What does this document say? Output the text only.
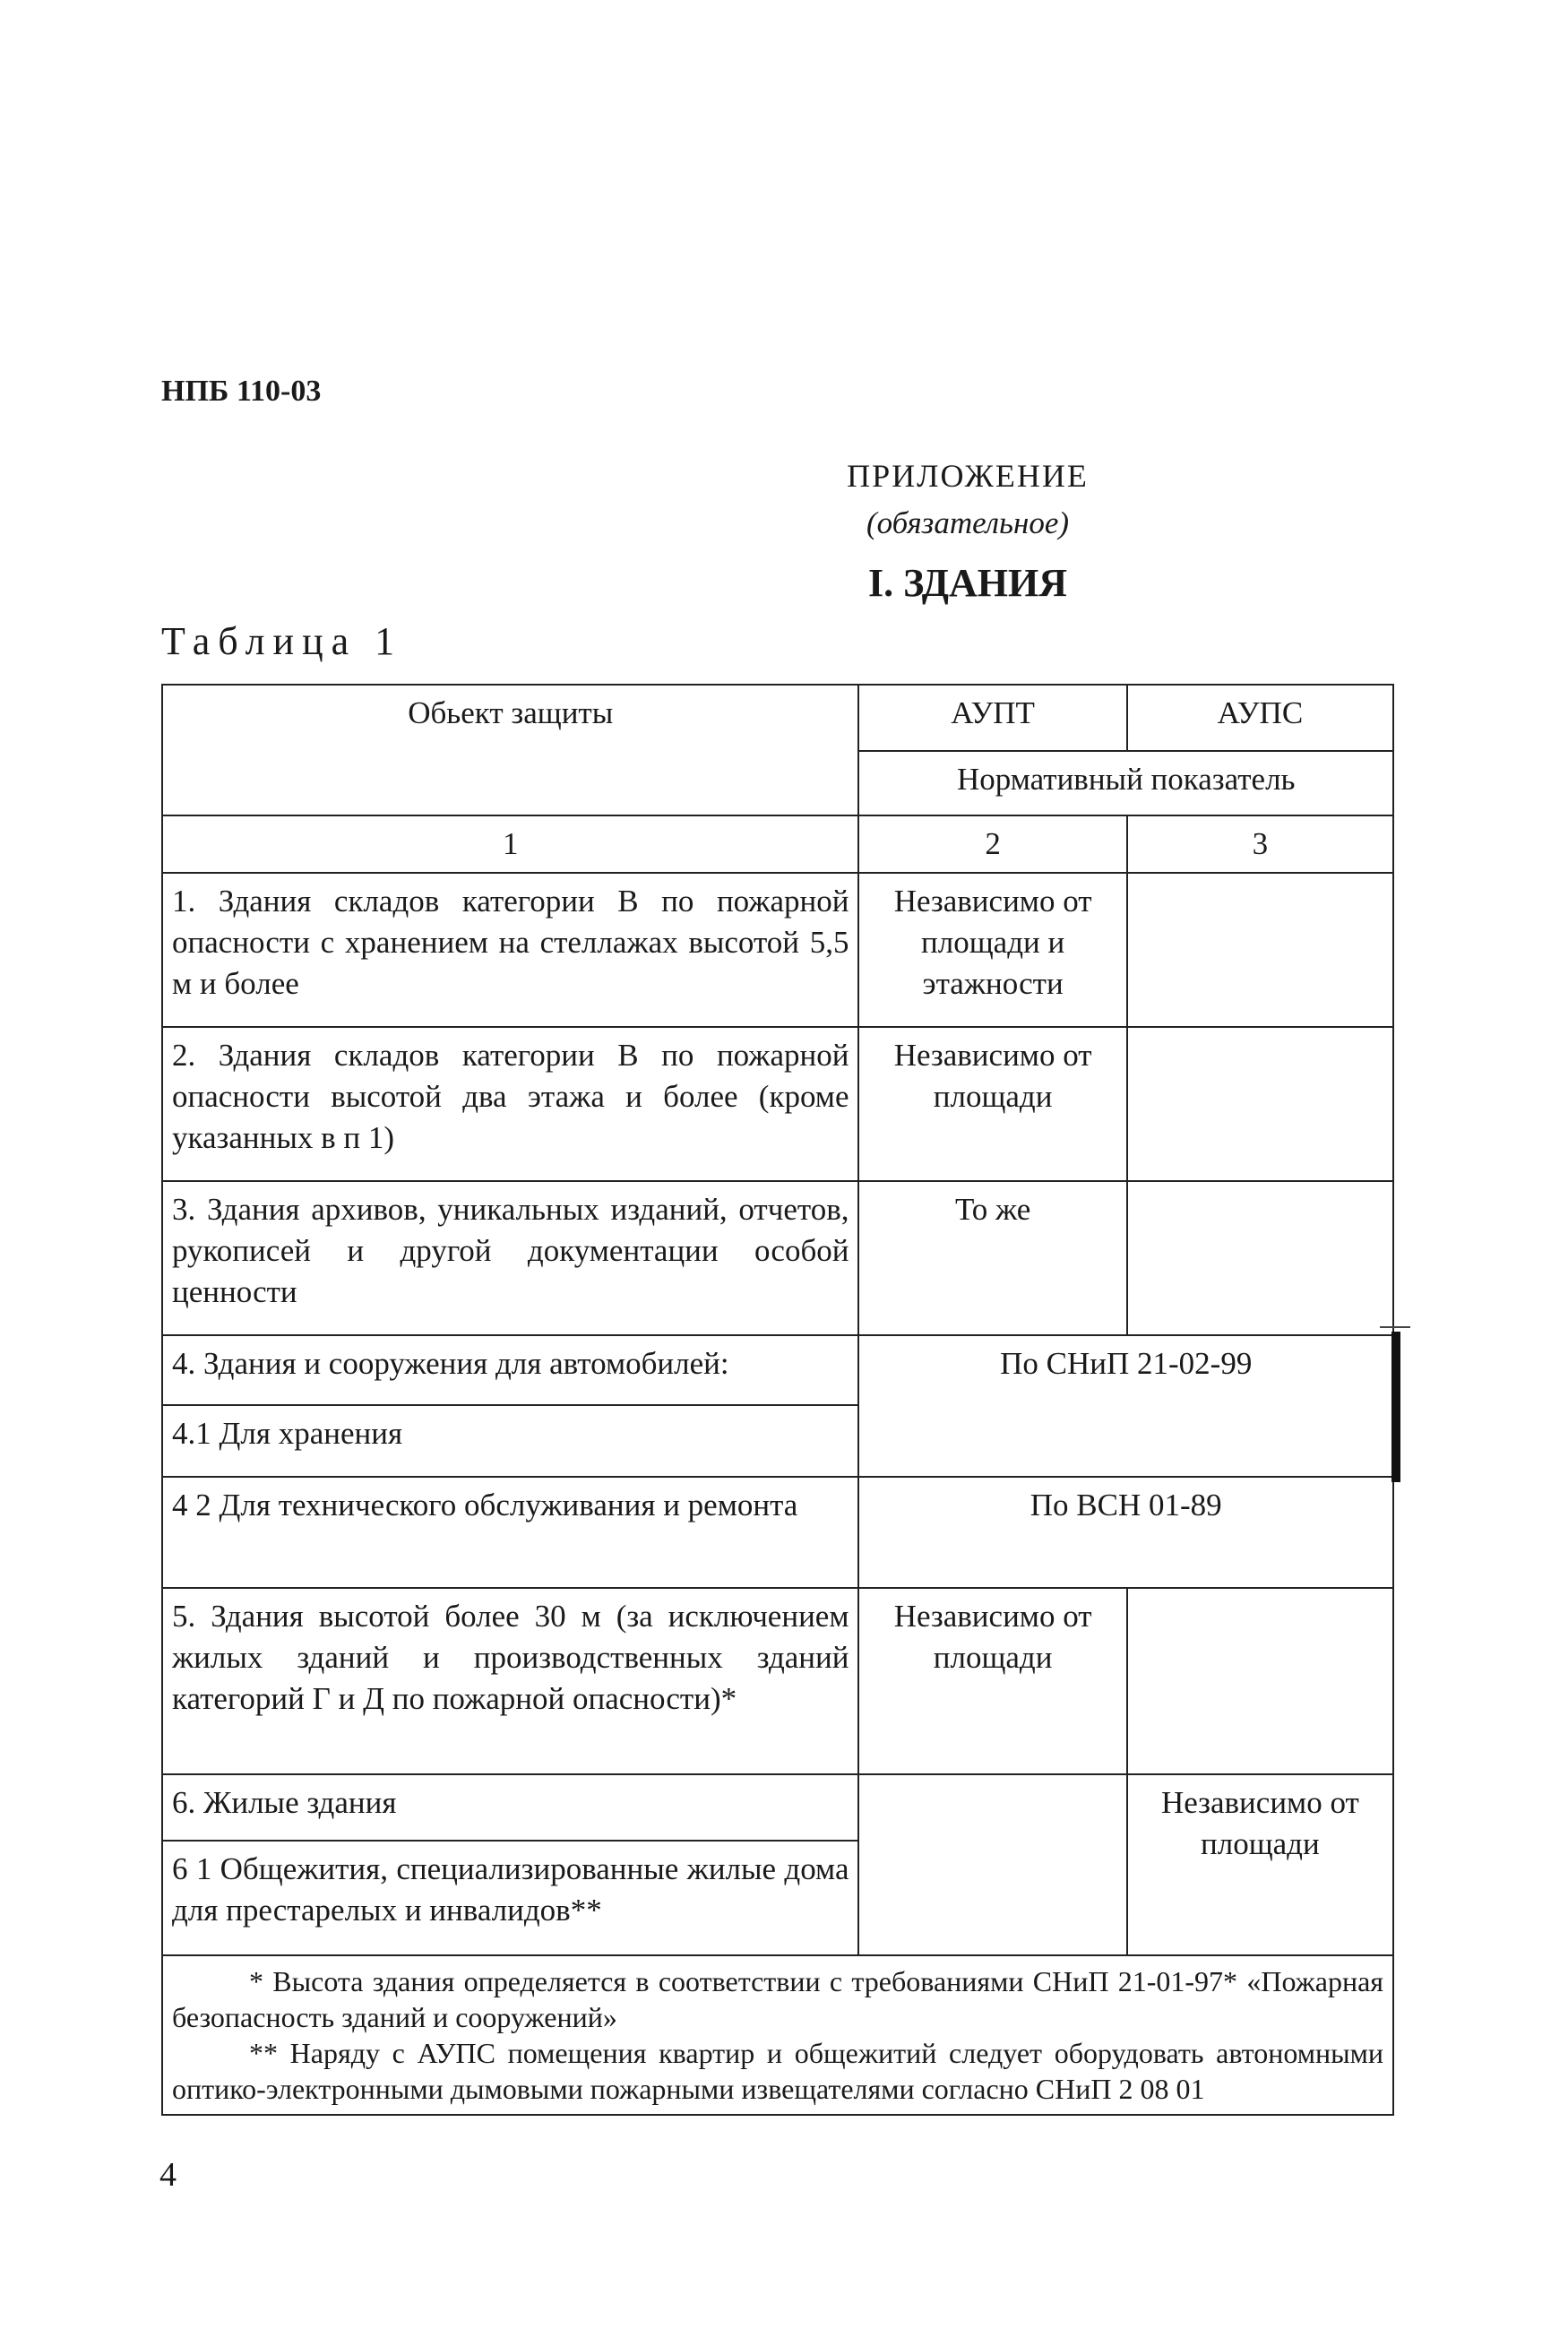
НПБ 110-03
ПРИЛОЖЕНИЕ
(обязательное)
I. ЗДАНИЯ
Таблица 1
Обьект защиты	АУПТ	АУПС
	Нормативный показатель	
1	2	3
1. Здания складов категории В по пожарной опасности с хранением на стеллажах высотой 5,5 м и более	Независимо от площади и этажности	
2. Здания складов категории В по пожарной опасности высотой два этажа и более (кроме указанных в п 1)	Независимо от площади	
3. Здания архивов, уникальных изданий, отчетов, рукописей и другой документации особой ценности	То же	
4. Здания и сооружения для автомобилей:	По СНиП 21-02-99	
4.1 Для хранения		
4 2 Для технического обслуживания и ремонта	По ВСН 01-89	
5. Здания высотой более 30 м (за исключением жилых зданий и производственных зданий категорий Г и Д по пожарной опасности)*	Независимо от площади	
6. Жилые здания		Независимо от площади
6 1 Общежития, специализированные жилые дома для престарелых и инвалидов**		

* Высота здания определяется в соответствии с требованиями СНиП 21-01-97* «Пожарная безопасность зданий и сооружений»

** Наряду с АУПС помещения квартир и общежитий следует оборудовать автономными оптико-электронными дымовыми пожарными извещателями согласно СНиП 2 08 01		

4
